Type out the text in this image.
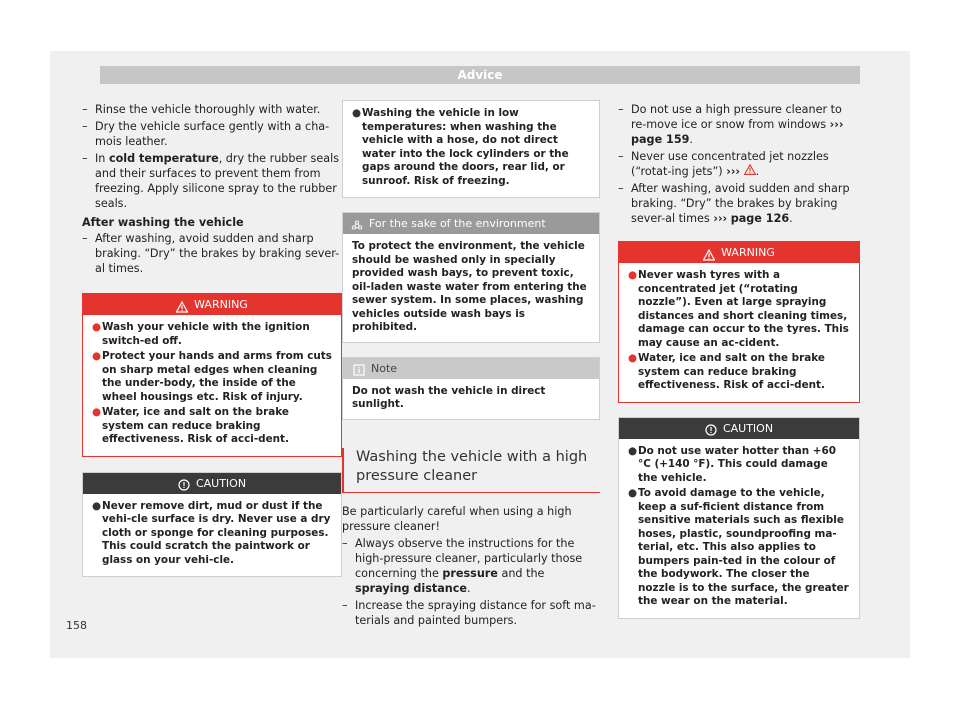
Advice
– Rinse the vehicle thoroughly with water.
– Dry the vehicle surface gently with a cha-mois leather.
– In cold temperature, dry the rubber seals and their surfaces to prevent them from freezing. Apply silicone spray to the rubber seals.
After washing the vehicle
– After washing, avoid sudden and sharp braking. “Dry” the brakes by braking sever-al times.
WARNING
● Wash your vehicle with the ignition switch-ed off.
● Protect your hands and arms from cuts on sharp metal edges when cleaning the under-body, the inside of the wheel housings etc. Risk of injury.
● Water, ice and salt on the brake system can reduce braking effectiveness. Risk of acci-dent.
CAUTION
● Never remove dirt, mud or dust if the vehi-cle surface is dry. Never use a dry cloth or sponge for cleaning purposes. This could scratch the paintwork or glass on your vehi-cle.
● Washing the vehicle in low temperatures: when washing the vehicle with a hose, do not direct water into the lock cylinders or the gaps around the doors, rear lid, or sunroof. Risk of freezing.
For the sake of the environment
To protect the environment, the vehicle should be washed only in specially provided wash bays, to prevent toxic, oil-laden waste water from entering the sewer system. In some places, washing vehicles outside wash bays is prohibited.
Note
Do not wash the vehicle in direct sunlight.
Washing the vehicle with a high pressure cleaner
Be particularly careful when using a high pressure cleaner!
– Always observe the instructions for the high-pressure cleaner, particularly those concerning the pressure and the spraying distance.
– Increase the spraying distance for soft ma-terials and painted bumpers.
– Do not use a high pressure cleaner to re-move ice or snow from windows ››› page 159.
– Never use concentrated jet nozzles (“rotat-ing jets”) ››› .
– After washing, avoid sudden and sharp braking. “Dry” the brakes by braking sever-al times ››› page 126.
WARNING
● Never wash tyres with a concentrated jet (“rotating nozzle”). Even at large spraying distances and short cleaning times, damage can occur to the tyres. This may cause an ac-cident.
● Water, ice and salt on the brake system can reduce braking effectiveness. Risk of acci-dent.
CAUTION
● Do not use water hotter than +60 °C (+140 °F). This could damage the vehicle.
● To avoid damage to the vehicle, keep a suf-ficient distance from sensitive materials such as flexible hoses, plastic, soundproofing ma-terial, etc. This also applies to bumpers pain-ted in the colour of the bodywork. The closer the nozzle is to the surface, the greater the wear on the material.
158
